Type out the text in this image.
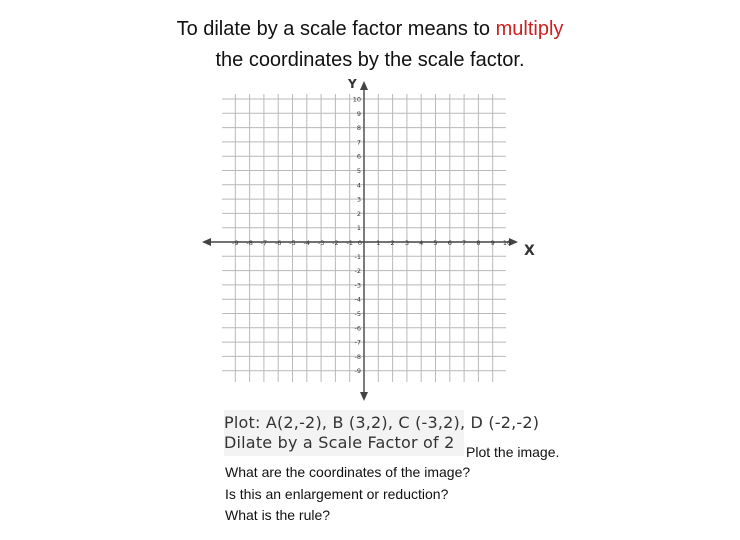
To dilate by a scale factor means to multiply
the coordinates by the scale factor.
-9 -8 -7 -6 -5 -4 -3 -2 -1 0 1 2 3 4 5 6 7 8 9 10
10
9
8
7
6
5
4
3
2
1
-1
-2
-3
-4
-5
-6
-7
-8
-9
X
Y
Plot: A(2,-2), B (3,2), C (-3,2), D (-2,-2)
Dilate by a Scale Factor of 2 Plot the image.
What are the coordinates of the image?
Is this an enlargement or reduction?
What is the rule?
